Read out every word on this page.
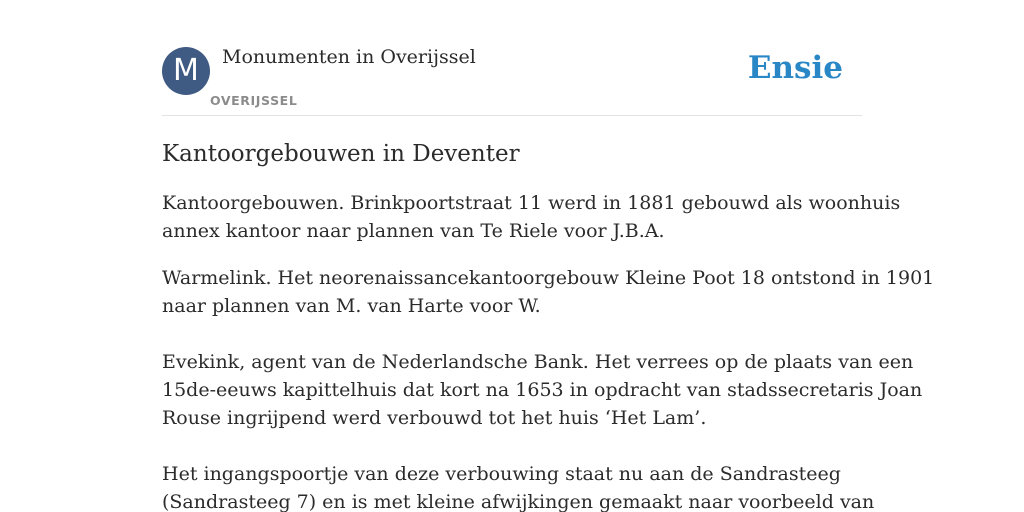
M	Monumenten in Overijssel
OVERIJSSEL
Ensie
Kantoorgebouwen in Deventer

Kantoorgebouwen. Brinkpoortstraat 11 werd in 1881 gebouwd als woonhuis
annex kantoor naar plannen van Te Riele voor J.B.A.

Warmelink. Het neorenaissancekantoorgebouw Kleine Poot 18 ontstond in 1901
naar plannen van M. van Harte voor W.

Evekink, agent van de Nederlandsche Bank. Het verrees op de plaats van een
15de-eeuws kapittelhuis dat kort na 1653 in opdracht van stadssecretaris Joan
Rouse ingrijpend werd verbouwd tot het huis ‘Het Lam’.

Het ingangspoortje van deze verbouwing staat nu aan de Sandrasteeg
(Sandrasteeg 7) en is met kleine afwijkingen gemaakt naar voorbeeld van
